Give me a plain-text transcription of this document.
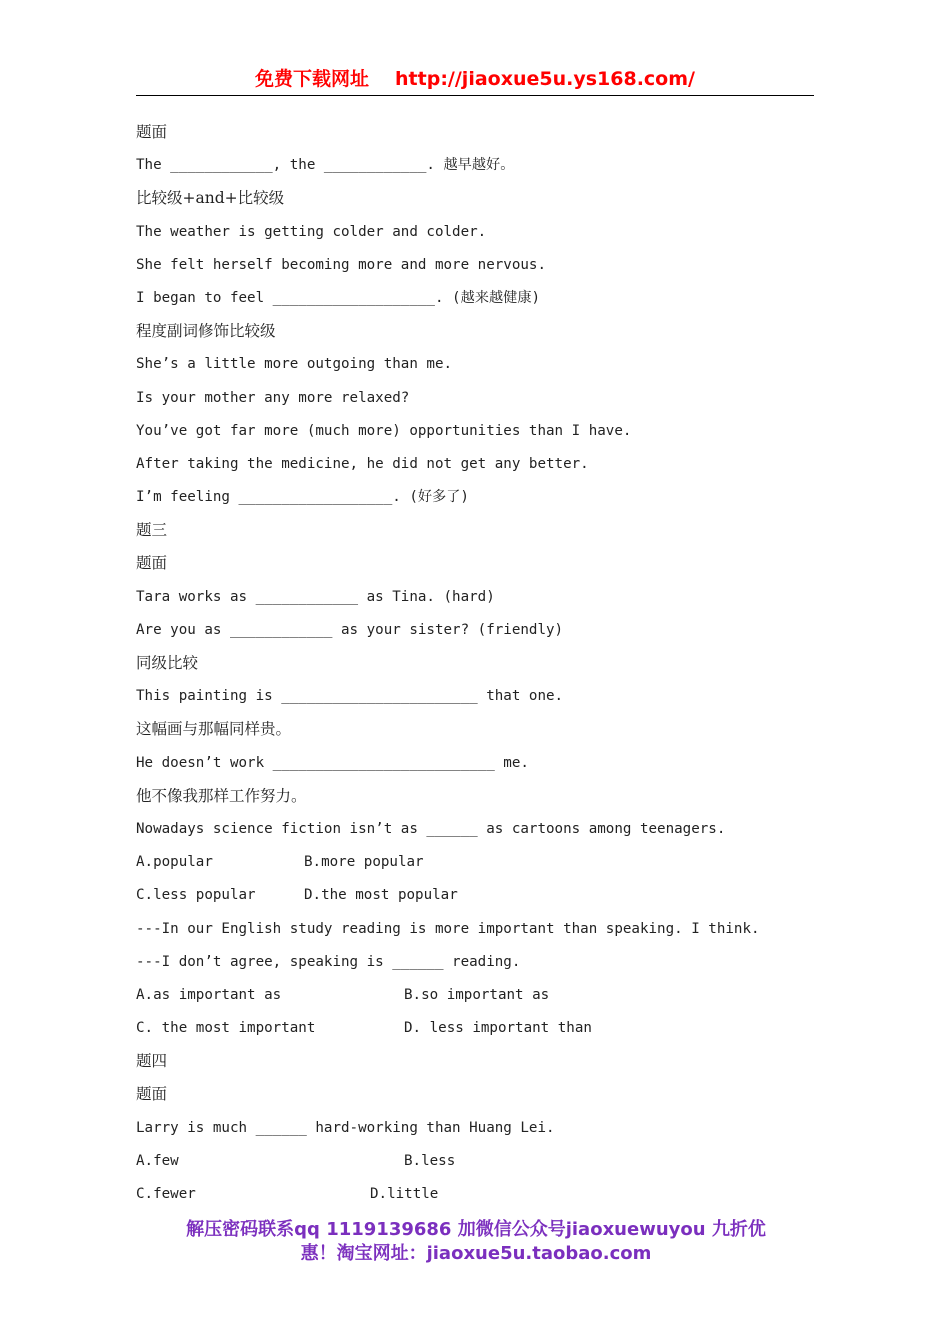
免费下载网址 http://jiaoxue5u.ys168.com/
题面
The ____________, the ____________. 越早越好。
比较级+and+比较级
The weather is getting colder and colder.
She felt herself becoming more and more nervous.
I began to feel ___________________. (越来越健康)
程度副词修饰比较级
She’s a little more outgoing than me.
Is your mother any more relaxed?
You’ve got far more (much more) opportunities than I have.
After taking the medicine, he did not get any better.
I’m feeling __________________. (好多了)
题三
题面
Tara works as ____________ as Tina. (hard)
Are you as ____________ as your sister? (friendly)
同级比较
This painting is _______________________ that one.
这幅画与那幅同样贵。
He doesn’t work __________________________ me.
他不像我那样工作努力。
Nowadays science fiction isn’t as ______ as cartoons among teenagers.
A.popular	B.more popular
C.less popular	D.the most popular
---In our English study reading is more important than speaking. I think.
---I don’t agree, speaking is ______ reading.
A.as important as	B.so important as
C. the most important	D. less important than
题四
题面
Larry is much ______ hard-working than Huang Lei.
A.few	B.less
C.fewer	D.little
解压密码联系qq 1119139686 加微信公众号jiaoxuewuyou 九折优
惠！淘宝网址：jiaoxue5u.taobao.com
